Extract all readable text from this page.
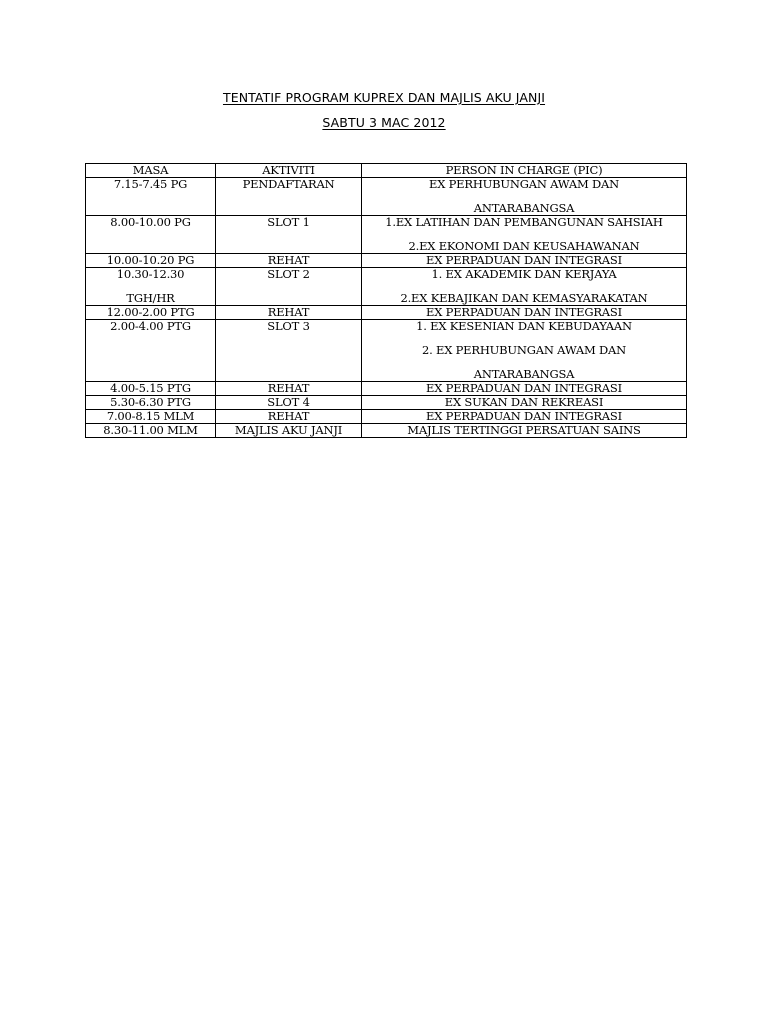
TENTATIF PROGRAM KUPREX DAN MAJLIS AKU JANJI
SABTU 3 MAC 2012
MASA	AKTIVITI	PERSON IN CHARGE (PIC)

7.15-7.45 PG	PENDAFTARAN	EX PERHUBUNGAN AWAM DAN
ANTARABANGSA

8.00-10.00 PG	SLOT 1	1.EX LATIHAN DAN PEMBANGUNAN SAHSIAH
2.EX EKONOMI DAN KEUSAHAWANAN

10.00-10.20 PG	REHAT	EX PERPADUAN DAN INTEGRASI

10.30-12.30
TGH/HR	SLOT 2	1. EX AKADEMIK DAN KERJAYA
2.EX KEBAJIKAN DAN KEMASYARAKATAN

12.00-2.00 PTG	REHAT	EX PERPADUAN DAN INTEGRASI

2.00-4.00 PTG	SLOT 3	1. EX KESENIAN DAN KEBUDAYAAN
2. EX PERHUBUNGAN AWAM DAN
ANTARABANGSA

4.00-5.15 PTG	REHAT	EX PERPADUAN DAN INTEGRASI

5.30-6.30 PTG	SLOT 4	EX SUKAN DAN REKREASI

7.00-8.15 MLM	REHAT	EX PERPADUAN DAN INTEGRASI

8.30-11.00 MLM	MAJLIS AKU JANJI	MAJLIS TERTINGGI PERSATUAN SAINS
